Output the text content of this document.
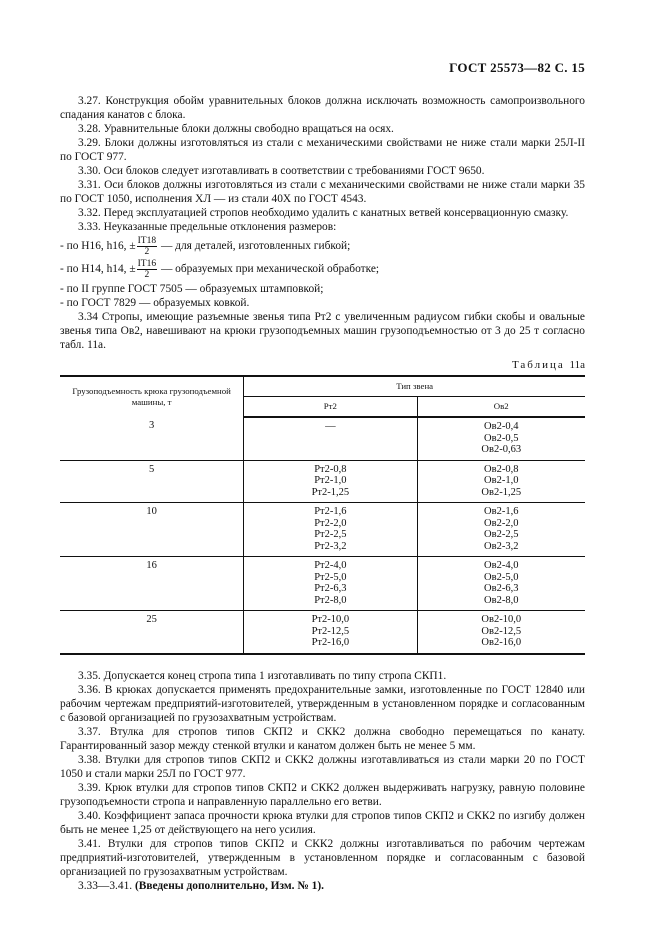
ГОСТ 25573—82 С. 15

3.27. Конструкция обойм уравнительных блоков должна исключать возможность самопроизвольного спадания канатов с блока.

3.28. Уравнительные блоки должны свободно вращаться на осях.

3.29. Блоки должны изготовляться из стали с механическими свойствами не ниже стали марки 25Л-II по ГОСТ 977.

3.30. Оси блоков следует изготавливать в соответствии с требованиями ГОСТ 9650.

3.31. Оси блоков должны изготовляться из стали с механическими свойствами не ниже стали марки 35 по ГОСТ 1050, исполнения ХЛ — из стали 40Х по ГОСТ 4543.

3.32. Перед эксплуатацией стропов необходимо удалить с канатных ветвей консервационную смазку.

3.33. Неуказанные предельные отклонения размеров:

- по H16, h16, ± $\frac{IT18}{2}$ — для деталей, изготовленных гибкой;
- по H14, h14, ± $\frac{IT16}{2}$ — образуемых при механической обработке;

- по II группе ГОСТ 7505 — образуемых штамповкой;

- по ГОСТ 7829 — образуемых ковкой.

3.34 Стропы, имеющие разъемные звенья типа Рт2 с увеличенным радиусом гибки скобы и овальные звенья типа Ов2, навешивают на крюки грузоподъемных машин грузоподъемностью от 3 до 25 т согласно табл. 11а.

Таблица 11а
Грузоподъемность крюка грузоподъемной машины, т	Тип звена	
	Рт2	Ов2
3	—	Ов2-0,4
Ов2-0,5
Ов2-0,63

5	Рт2-0,8
Рт2-1,0
Рт2-1,25	Ов2-0,8
Ов2-1,0
Ов2-1,25

10	Рт2-1,6
Рт2-2,0
Рт2-2,5
Рт2-3,2	Ов2-1,6
Ов2-2,0
Ов2-2,5
Ов2-3,2

16	Рт2-4,0
Рт2-5,0
Рт2-6,3
Рт2-8,0	Ов2-4,0
Ов2-5,0
Ов2-6,3
Ов2-8,0

25	Рт2-10,0
Рт2-12,5
Рт2-16,0	Ов2-10,0
Ов2-12,5
Ов2-16,0

3.35. Допускается конец стропа типа 1 изготавливать по типу стропа СКП1.

3.36. В крюках допускается применять предохранительные замки, изготовленные по ГОСТ 12840 или рабочим чертежам предприятий-изготовителей, утвержденным в установленном порядке и согласованным с базовой организацией по грузозахватным устройствам.

3.37. Втулка для стропов типов СКП2 и СКК2 должна свободно перемещаться по канату. Гарантированный зазор между стенкой втулки и канатом должен быть не менее 5 мм.

3.38. Втулки для стропов типов СКП2 и СКК2 должны изготавливаться из стали марки 20 по ГОСТ 1050 и стали марки 25Л по ГОСТ 977.

3.39. Крюк втулки для стропов типов СКП2 и СКК2 должен выдерживать нагрузку, равную половине грузоподъемности стропа и направленную параллельно его ветви.

3.40. Коэффициент запаса прочности крюка втулки для стропов типов СКП2 и СКК2 по изгибу должен быть не менее 1,25 от действующего на него усилия.

3.41. Втулки для стропов типов СКП2 и СКК2 должны изготавливаться по рабочим чертежам предприятий-изготовителей, утвержденным в установленном порядке и согласованным с базовой организацией по грузозахватным устройствам.

3.33—3.41. (Введены дополнительно, Изм. № 1).
